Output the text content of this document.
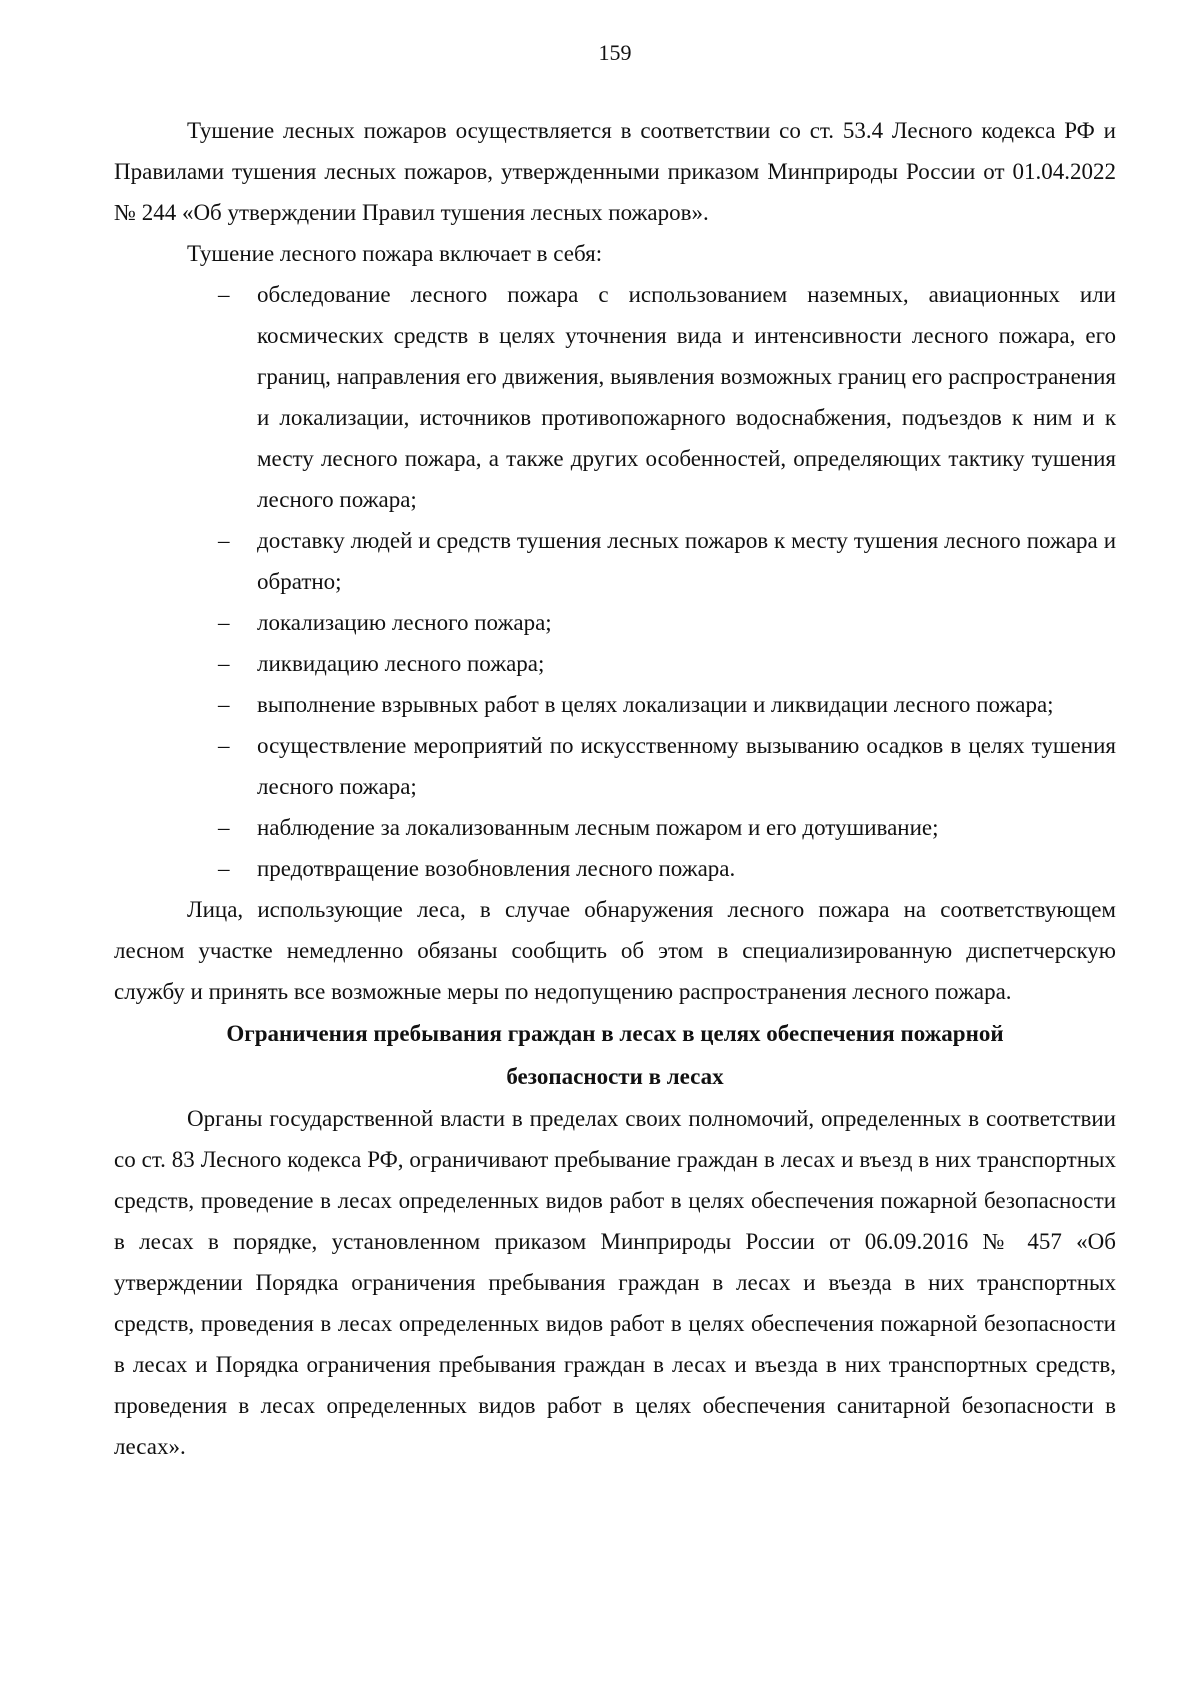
159

Тушение лесных пожаров осуществляется в соответствии со ст. 53.4 Лесного кодекса РФ и Правилами тушения лесных пожаров, утвержденными приказом Минприроды России от 01.04.2022 № 244 «Об утверждении Правил тушения лесных пожаров».

Тушение лесного пожара включает в себя:

– обследование лесного пожара с использованием наземных, авиационных или космических средств в целях уточнения вида и интенсивности лесного пожара, его границ, направления его движения, выявления возможных границ его распространения и локализации, источников противопожарного водоснабжения, подъездов к ним и к месту лесного пожара, а также других особенностей, определяющих тактику тушения лесного пожара;
– доставку людей и средств тушения лесных пожаров к месту тушения лесного пожара и обратно;
– локализацию лесного пожара;
– ликвидацию лесного пожара;
– выполнение взрывных работ в целях локализации и ликвидации лесного пожара;
– осуществление мероприятий по искусственному вызыванию осадков в целях тушения лесного пожара;
– наблюдение за локализованным лесным пожаром и его дотушивание;
– предотвращение возобновления лесного пожара.

Лица, использующие леса, в случае обнаружения лесного пожара на соответствующем лесном участке немедленно обязаны сообщить об этом в специализированную диспетчерскую службу и принять все возможные меры по недопущению распространения лесного пожара.

Ограничения пребывания граждан в лесах в целях обеспечения пожарной безопасности в лесах

Органы государственной власти в пределах своих полномочий, определенных в соответствии со ст. 83 Лесного кодекса РФ, ограничивают пребывание граждан в лесах и въезд в них транспортных средств, проведение в лесах определенных видов работ в целях обеспечения пожарной безопасности в лесах в порядке, установленном приказом Минприроды России от 06.09.2016 № 457 «Об утверждении Порядка ограничения пребывания граждан в лесах и въезда в них транспортных средств, проведения в лесах определенных видов работ в целях обеспечения пожарной безопасности в лесах и Порядка ограничения пребывания граждан в лесах и въезда в них транспортных средств, проведения в лесах определенных видов работ в целях обеспечения санитарной безопасности в лесах».
